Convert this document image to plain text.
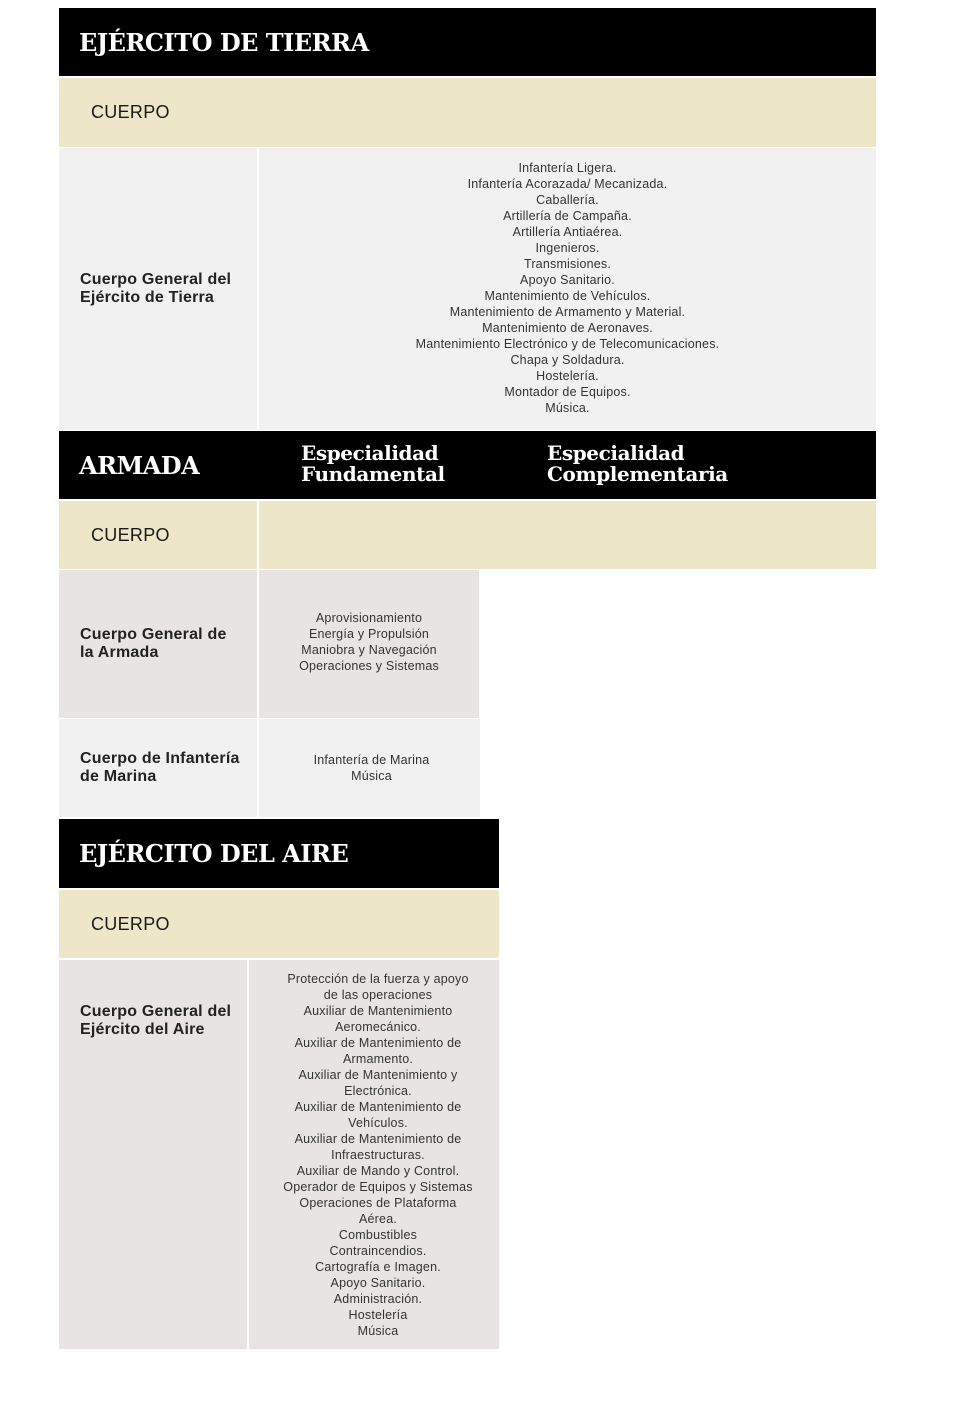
EJÉRCITO DE TIERRA
CUERPO
Cuerpo General del
Ejército de Tierra
Infantería Ligera.
Infantería Acorazada/ Mecanizada.
Caballería.
Artillería de Campaña.
Artillería Antiaérea.
Ingenieros.
Transmisiones.
Apoyo Sanitario.
Mantenimiento de Vehículos.
Mantenimiento de Armamento y Material.
Mantenimiento de Aeronaves.
Mantenimiento Electrónico y de Telecomunicaciones.
Chapa y Soldadura.
Hostelería.
Montador de Equipos.
Música.
ARMADA	Especialidad
Fundamental
Especialidad
Complementaria
CUERPO
Cuerpo General de
la Armada
Aprovisionamiento
Energía y Propulsión
Maniobra y Navegación
Operaciones y Sistemas
Cuerpo de Infantería
de Marina
Infantería de Marina
Música
EJÉRCITO DEL AIRE
CUERPO
Cuerpo General del
Ejército del Aire
Protección de la fuerza y apoyo
de las operaciones
Auxiliar de Mantenimiento
Aeromecánico.
Auxiliar de Mantenimiento de
Armamento.
Auxiliar de Mantenimiento y
Electrónica.
Auxiliar de Mantenimiento de
Vehículos.
Auxiliar de Mantenimiento de
Infraestructuras.
Auxiliar de Mando y Control.
Operador de Equipos y Sistemas
Operaciones de Plataforma
Aérea.
Combustibles
Contraincendios.
Cartografía e Imagen.
Apoyo Sanitario.
Administración.
Hostelería
Música
